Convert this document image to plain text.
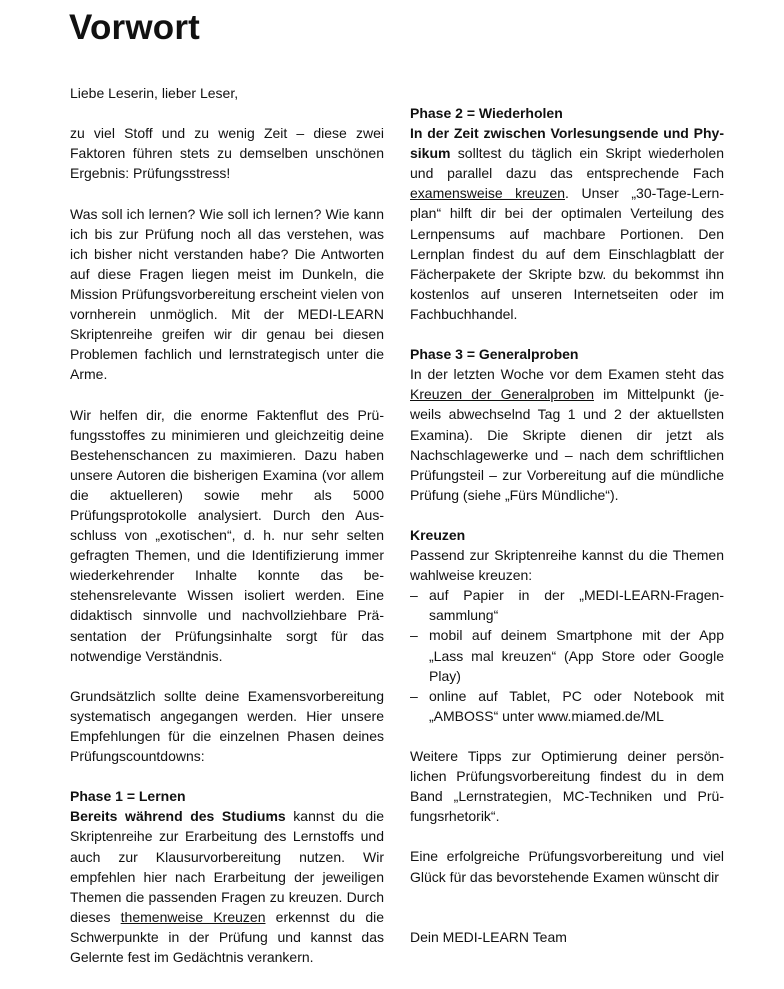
Vorwort

Liebe Leserin, lieber Leser,

zu viel Stoff und zu wenig Zeit – diese zwei Faktoren führen stets zu demselben unschönen Ergebnis: Prüfungsstress!

Was soll ich lernen? Wie soll ich lernen? Wie kann ich bis zur Prüfung noch all das verstehen, was ich bisher nicht verstanden habe? Die Antworten auf diese Fragen liegen meist im Dunkeln, die Mission Prüfungsvorbereitung erscheint vielen von vornherein unmöglich. Mit der MEDI-LEARN Skriptenreihe greifen wir dir genau bei diesen Problemen fachlich und lernstrategisch unter die Arme.

Wir helfen dir, die enorme Faktenflut des Prüfungsstoffes zu minimieren und gleichzeitig deine Bestehenschancen zu maximieren. Dazu haben unsere Autoren die bisherigen Examina (vor allem die aktuelleren) sowie mehr als 5000 Prüfungsprotokolle analysiert. Durch den Ausschluss von „exotischen“, d. h. nur sehr selten gefragten Themen, und die Identifizierung immer wiederkehrender Inhalte konnte das bestehensrelevante Wissen isoliert werden. Eine didaktisch sinnvolle und nachvollziehbare Präsentation der Prüfungsinhalte sorgt für das notwendige Verständnis.

Grundsätzlich sollte deine Examensvorbereitung systematisch angegangen werden. Hier unsere Empfehlungen für die einzelnen Phasen deines Prüfungscountdowns:

Phase 1 = Lernen

Bereits während des Studiums kannst du die Skriptenreihe zur Erarbeitung des Lernstoffs und auch zur Klausurvorbereitung nutzen. Wir empfehlen hier nach Erarbeitung der jeweiligen Themen die passenden Fragen zu kreuzen. Durch dieses themenweise Kreuzen erkennst du die Schwerpunkte in der Prüfung und kannst das Gelernte fest im Gedächtnis verankern.

Phase 2 = Wiederholen

In der Zeit zwischen Vorlesungsende und Physikum solltest du täglich ein Skript wiederholen und parallel dazu das entsprechende Fach examensweise kreuzen. Unser „30-Tage-Lernplan“ hilft dir bei der optimalen Verteilung des Lernpensums auf machbare Portionen. Den Lernplan findest du auf dem Einschlagblatt der Fächerpakete der Skripte bzw. du bekommst ihn kostenlos auf unseren Internetseiten oder im Fachbuchhandel.

Phase 3 = Generalproben

In der letzten Woche vor dem Examen steht das Kreuzen der Generalproben im Mittelpunkt (jeweils abwechselnd Tag 1 und 2 der aktuellsten Examina). Die Skripte dienen dir jetzt als Nachschlagewerke und – nach dem schriftlichen Prüfungsteil – zur Vorbereitung auf die mündliche Prüfung (siehe „Fürs Mündliche“).

Kreuzen
Passend zur Skriptenreihe kannst du die Themen wahlweise kreuzen:
– auf Papier in der „MEDI-LEARN-Fragensammlung“
– mobil auf deinem Smartphone mit der App „Lass mal kreuzen“ (App Store oder Google Play)
– online auf Tablet, PC oder Notebook mit „AMBOSS“ unter www.miamed.de/ML

Weitere Tipps zur Optimierung deiner persönlichen Prüfungsvorbereitung findest du in dem Band „Lernstrategien, MC-Techniken und Prüfungsrhetorik“.

Eine erfolgreiche Prüfungsvorbereitung und viel Glück für das bevorstehende Examen wünscht dir

Dein MEDI-LEARN Team
